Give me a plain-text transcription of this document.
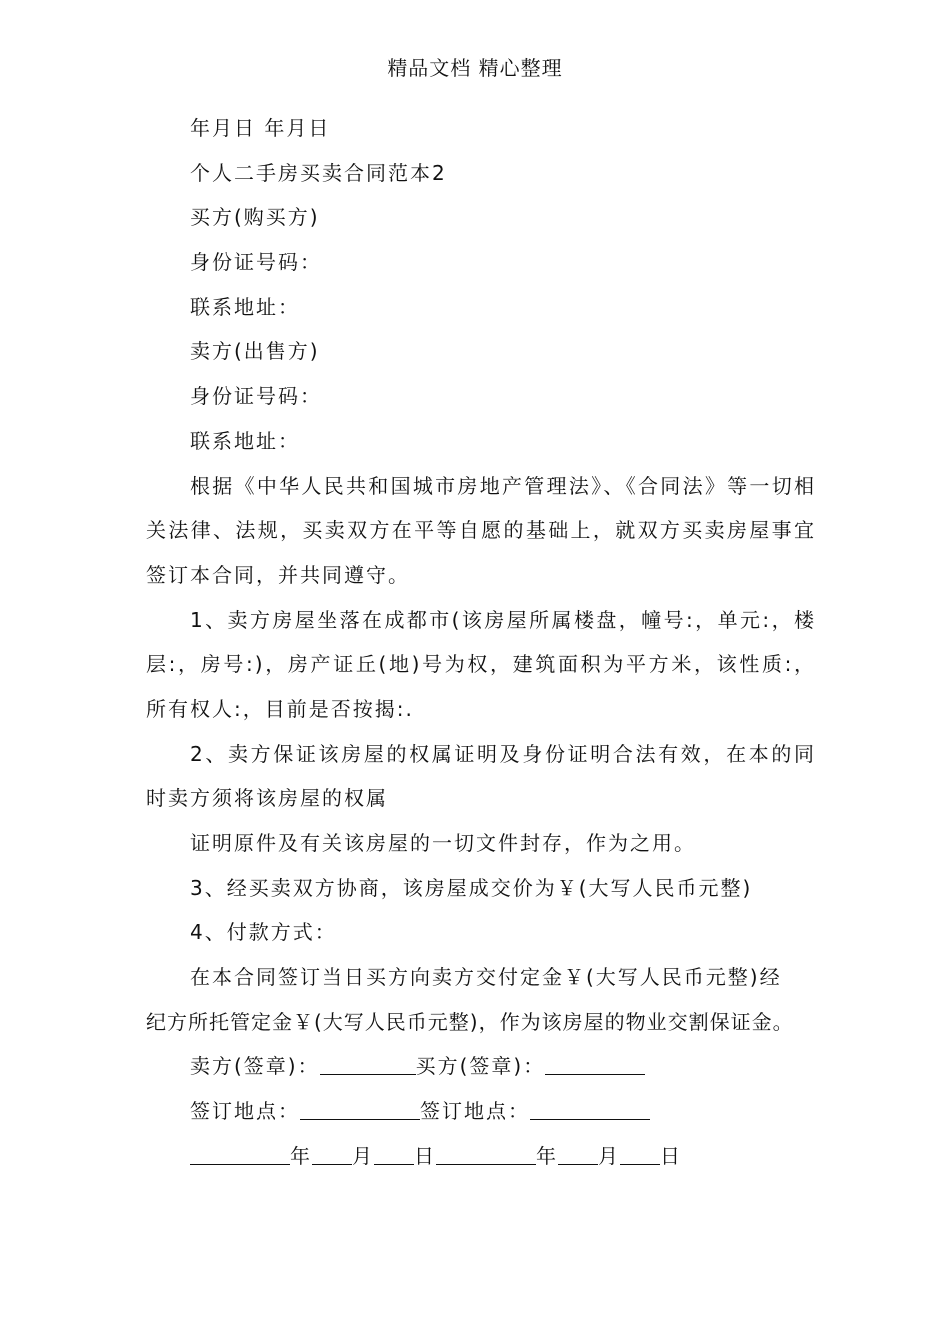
精品文档 精心整理
年月日 年月日
个人二手房买卖合同范本2
买方(购买方)
身份证号码：
联系地址：
卖方(出售方)
身份证号码：
联系地址：
根据《中华人民共和国城市房地产管理法》、《合同法》等一切相
关法律、法规，买卖双方在平等自愿的基础上，就双方买卖房屋事宜
签订本合同，并共同遵守。
1、卖方房屋坐落在成都市(该房屋所属楼盘，幢号:，单元:，楼
层:，房号:)，房产证丘(地)号为权，建筑面积为平方米，该性质:，
所有权人:，目前是否按揭:.
2、卖方保证该房屋的权属证明及身份证明合法有效，在本的同
时卖方须将该房屋的权属
证明原件及有关该房屋的一切文件封存，作为之用。
3、经买卖双方协商，该房屋成交价为￥(大写人民币元整)
4、付款方式：
在本合同签订当日买方向卖方交付定金￥(大写人民币元整)经
纪方所托管定金￥(大写人民币元整)，作为该房屋的物业交割保证金。
卖方(签章)：	买方(签章)：
签订地点：	签订地点：
年 月 日	年 月 日
